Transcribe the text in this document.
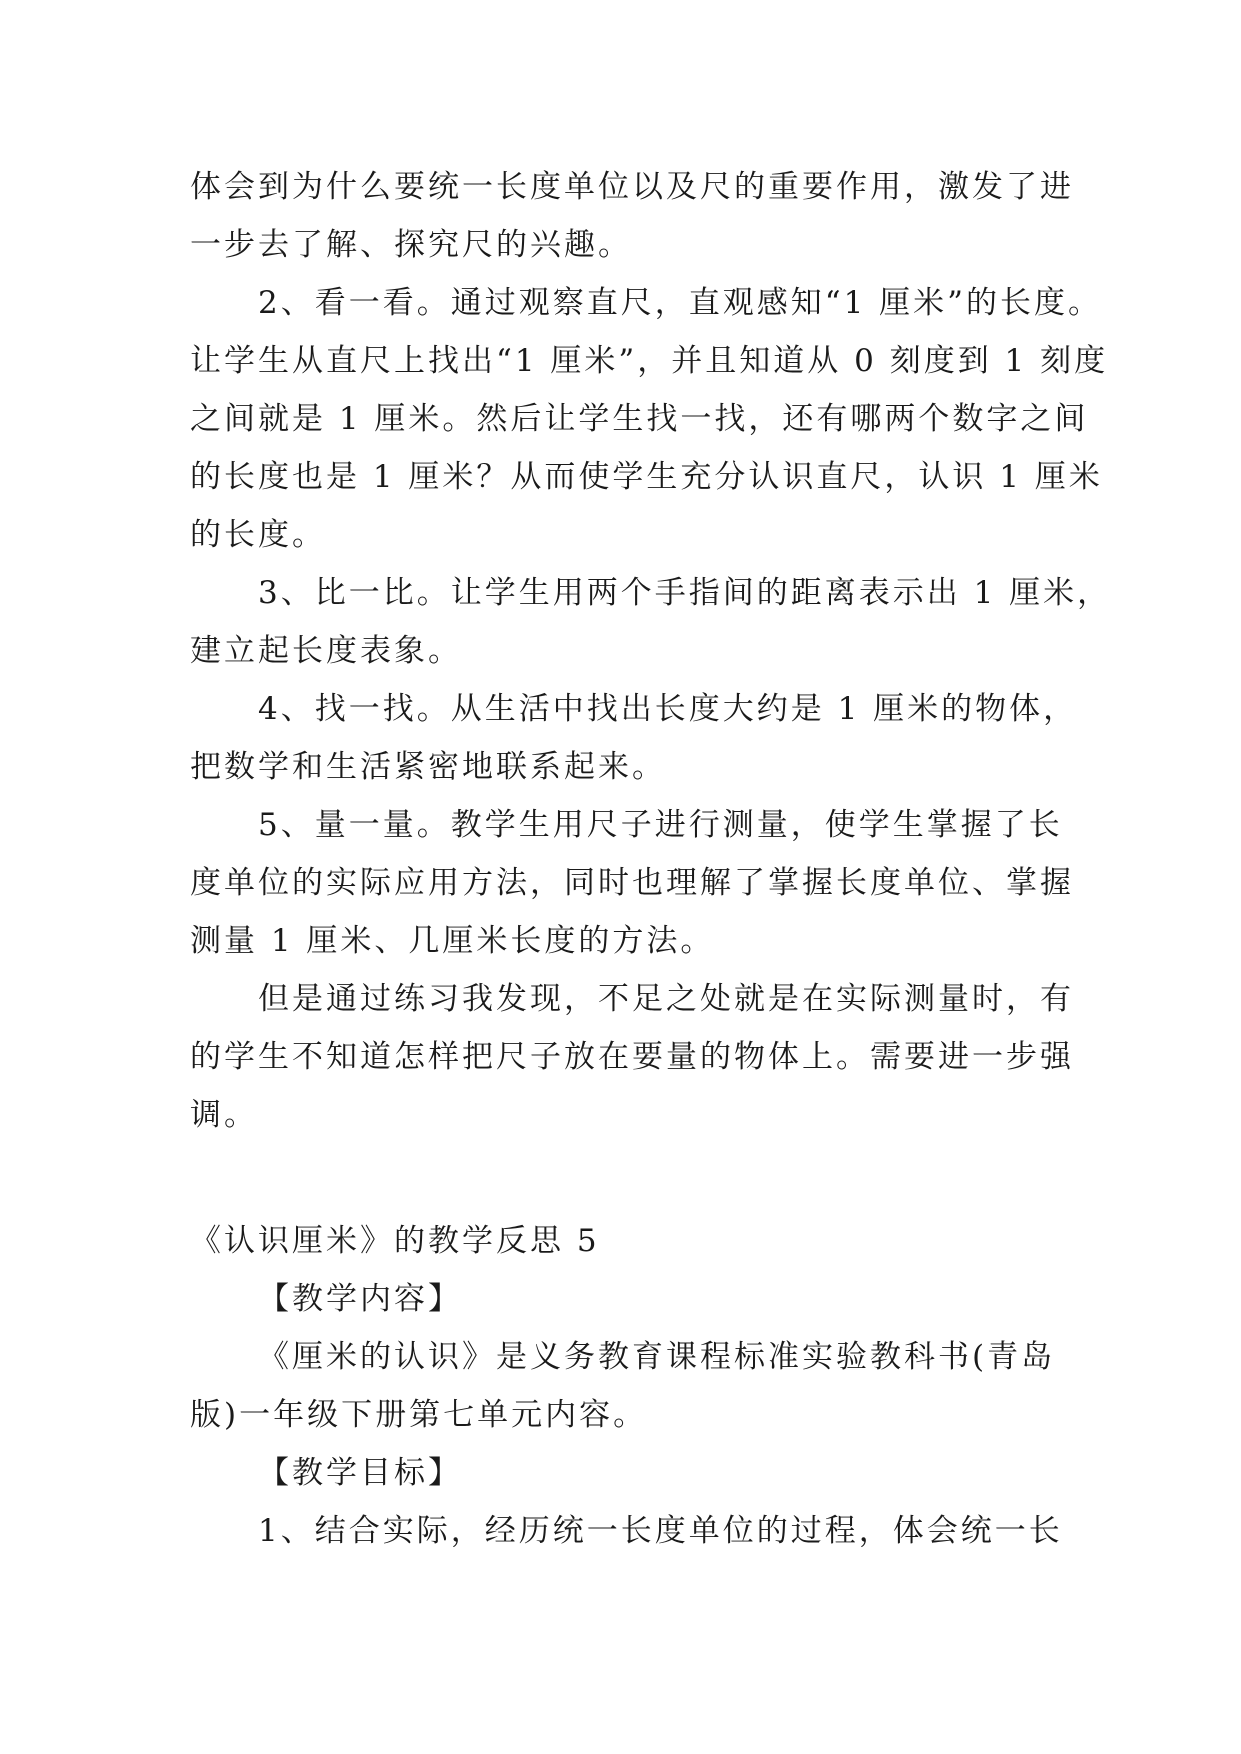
体会到为什么要统一长度单位以及尺的重要作用，激发了进
一步去了解、探究尺的兴趣。
2、看一看。通过观察直尺，直观感知“1 厘米”的长度。
让学生从直尺上找出“1 厘米”，并且知道从 0 刻度到 1 刻度
之间就是 1 厘米。然后让学生找一找，还有哪两个数字之间
的长度也是 1 厘米？从而使学生充分认识直尺，认识 1 厘米
的长度。
3、比一比。让学生用两个手指间的距离表示出 1 厘米，
建立起长度表象。
4、找一找。从生活中找出长度大约是 1 厘米的物体，
把数学和生活紧密地联系起来。
5、量一量。教学生用尺子进行测量，使学生掌握了长
度单位的实际应用方法，同时也理解了掌握长度单位、掌握
测量 1 厘米、几厘米长度的方法。
但是通过练习我发现，不足之处就是在实际测量时，有
的学生不知道怎样把尺子放在要量的物体上。需要进一步强
调。
《认识厘米》的教学反思 5
【教学内容】
《厘米的认识》是义务教育课程标准实验教科书(青岛
版)一年级下册第七单元内容。
【教学目标】
1、结合实际，经历统一长度单位的过程，体会统一长
